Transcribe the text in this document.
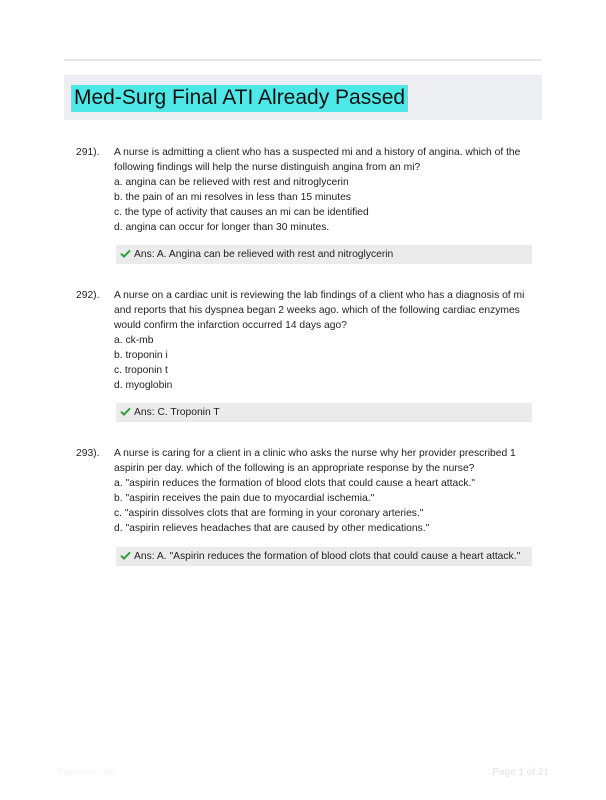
Med-Surg Final ATI Already Passed
291). A nurse is admitting a client who has a suspected mi and a history of angina. which of the following findings will help the nurse distinguish angina from an mi?

a. angina can be relieved with rest and nitroglycerin
b. the pain of an mi resolves in less than 15 minutes
c. the type of activity that causes an mi can be identified
d. angina can occur for longer than 30 minutes.
Ans: A. Angina can be relieved with rest and nitroglycerin
292). A nurse on a cardiac unit is reviewing the lab findings of a client who has a diagnosis of mi and reports that his dyspnea began 2 weeks ago. which of the following cardiac enzymes would confirm the infarction occurred 14 days ago?

a. ck-mb
b. troponin i
c. troponin t
d. myoglobin
Ans: C. Troponin T
293). A nurse is caring for a client in a clinic who asks the nurse why her provider prescribed 1 aspirin per day. which of the following is an appropriate response by the nurse?

a. "aspirin reduces the formation of blood clots that could cause a heart attack."
b. "aspirin receives the pain due to myocardial ischemia."
c. "aspirin dissolves clots that are forming in your coronary arteries."
d. "aspirin relieves headaches that are caused by other medications."
Ans: A. "Aspirin reduces the formation of blood clots that could cause a heart attack."
Paperdoc.com	Page 1 of 21
